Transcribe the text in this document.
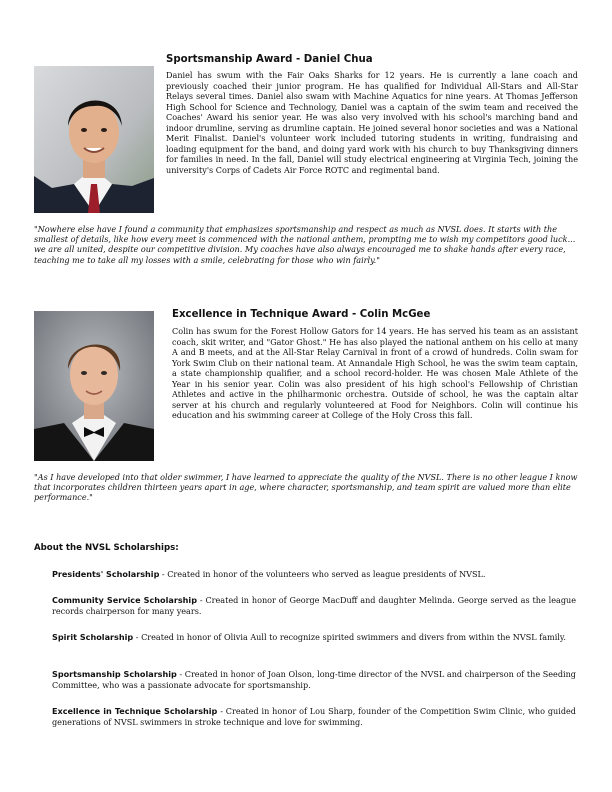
Sportsmanship Award - Daniel Chua

Daniel has swum with the Fair Oaks Sharks for 12 years. He is currently a lane coach and previously coached their junior program. He has qualified for Individual All-Stars and All-Star Relays several times. Daniel also swam with Machine Aquatics for nine years. At Thomas Jefferson High School for Science and Technology, Daniel was a captain of the swim team and received the Coaches' Award his senior year. He was also very involved with his school's marching band and indoor drumline, serving as drumline captain. He joined several honor societies and was a National Merit Finalist. Daniel's volunteer work included tutoring students in writing, fundraising and loading equipment for the band, and doing yard work with his church to buy Thanksgiving dinners for families in need. In the fall, Daniel will study electrical engineering at Virginia Tech, joining the university's Corps of Cadets Air Force ROTC and regimental band.

"Nowhere else have I found a community that emphasizes sportsmanship and respect as much as NVSL does. It starts with the smallest of details, like how every meet is commenced with the national anthem, prompting me to wish my competitors good luck... we are all united, despite our competitive division. My coaches have also always encouraged me to shake hands after every race, teaching me to take all my losses with a smile, celebrating for those who win fairly."

Excellence in Technique Award - Colin McGee

Colin has swum for the Forest Hollow Gators for 14 years. He has served his team as an assistant coach, skit writer, and "Gator Ghost." He has also played the national anthem on his cello at many A and B meets, and at the All-Star Relay Carnival in front of a crowd of hundreds. Colin swam for York Swim Club on their national team. At Annandale High School, he was the swim team captain, a state championship qualifier, and a school record-holder. He was chosen Male Athlete of the Year in his senior year. Colin was also president of his high school's Fellowship of Christian Athletes and active in the philharmonic orchestra. Outside of school, he was the captain altar server at his church and regularly volunteered at Food for Neighbors. Colin will continue his education and his swimming career at College of the Holy Cross this fall.

"As I have developed into that older swimmer, I have learned to appreciate the quality of the NVSL. There is no other league I know that incorporates children thirteen years apart in age, where character, sportsmanship, and team spirit are valued more than elite performance."

About the NVSL Scholarships:

Presidents' Scholarship - Created in honor of the volunteers who served as league presidents of NVSL.

Community Service Scholarship - Created in honor of George MacDuff and daughter Melinda. George served as the league records chairperson for many years.

Spirit Scholarship - Created in honor of Olivia Aull to recognize spirited swimmers and divers from within the NVSL family.

Sportsmanship Scholarship - Created in honor of Joan Olson, long-time director of the NVSL and chairperson of the Seeding Committee, who was a passionate advocate for sportsmanship.

Excellence in Technique Scholarship - Created in honor of Lou Sharp, founder of the Competition Swim Clinic, who guided generations of NVSL swimmers in stroke technique and love for swimming.
